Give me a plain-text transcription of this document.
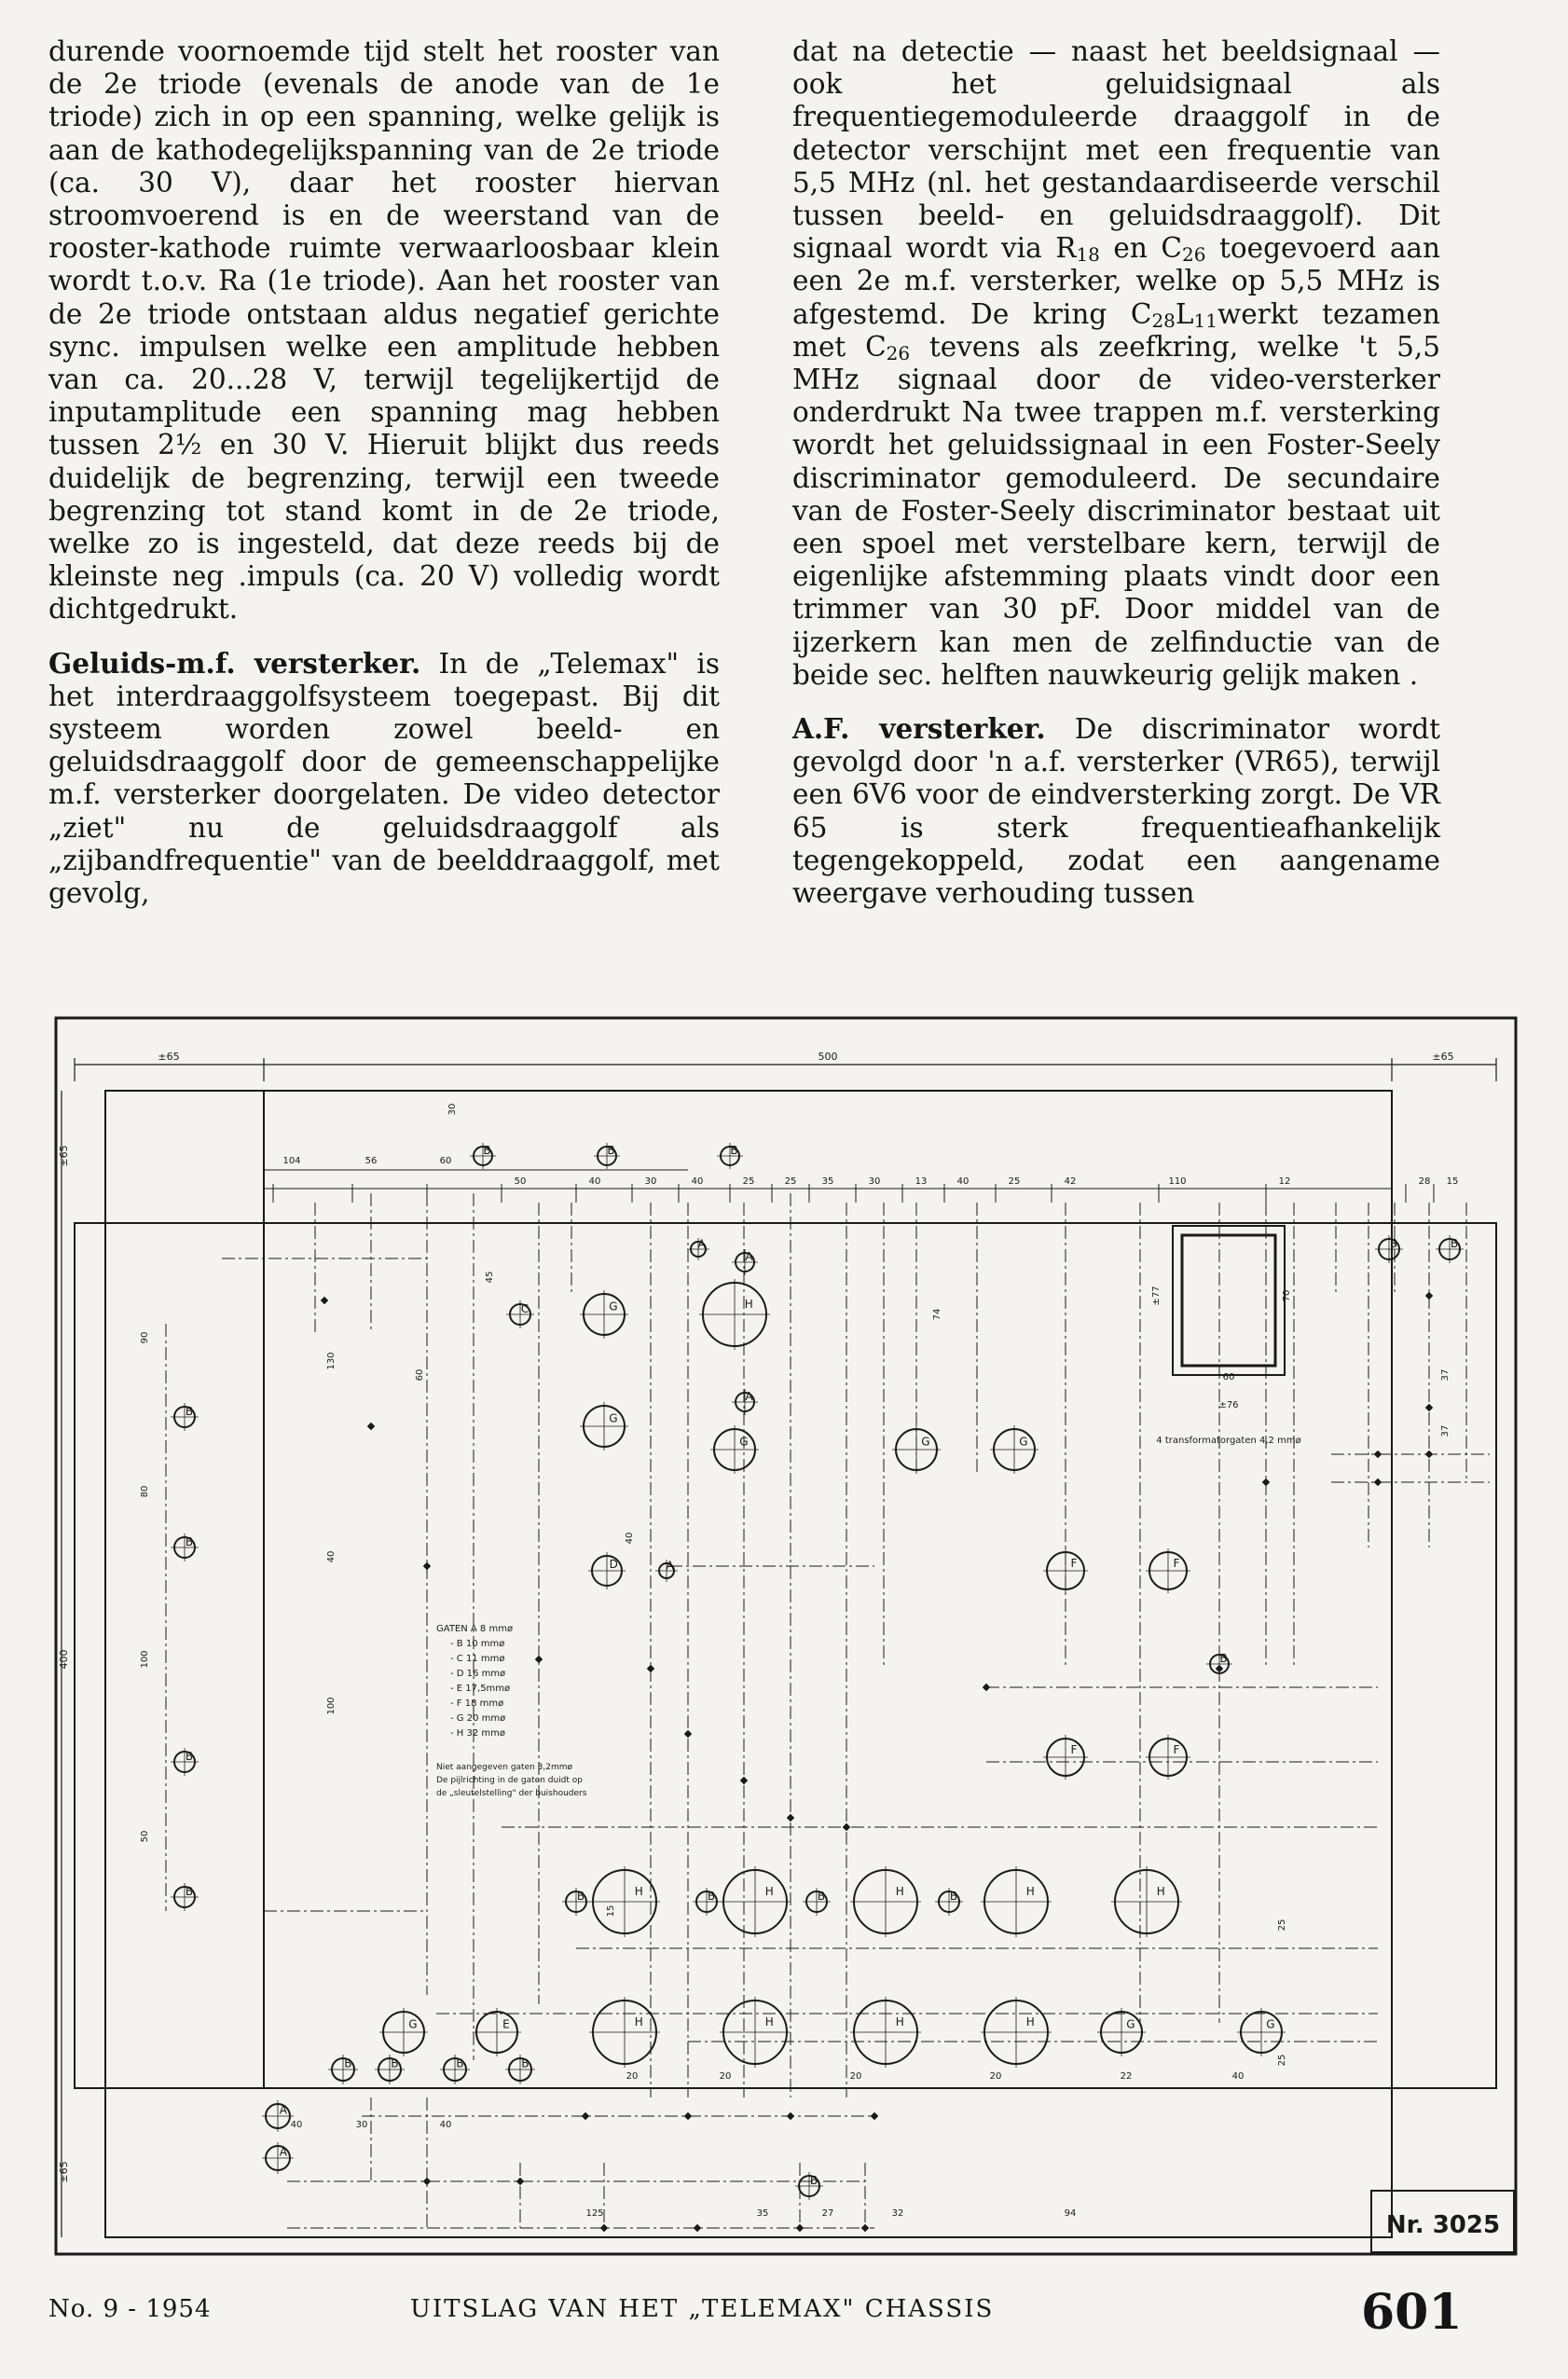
durende voornoemde tijd stelt het rooster van de 2e triode (evenals de anode van de 1e triode) zich in op een spanning, welke gelijk is aan de kathodegelijkspanning van de 2e triode (ca. 30 V), daar het rooster hiervan stroomvoerend is en de weerstand van de rooster-kathode ruimte verwaarloosbaar klein wordt t.o.v. Ra (1e triode). Aan het rooster van de 2e triode ontstaan aldus negatief gerichte sync. impulsen welke een amplitude hebben van ca. 20...28 V, terwijl tegelijkertijd de inputamplitude een spanning mag hebben tussen 2½ en 30 V. Hieruit blijkt dus reeds duidelijk de begrenzing, terwijl een tweede begrenzing tot stand komt in de 2e triode, welke zo is ingesteld, dat deze reeds bij de kleinste neg .impuls (ca. 20 V) volledig wordt dichtgedrukt.

Geluids-m.f. versterker. In de „Telemax" is het interdraaggolfsysteem toegepast. Bij dit systeem worden zowel beeld- en geluidsdraaggolf door de gemeenschappelijke m.f. versterker doorgelaten. De video detector „ziet" nu de geluidsdraaggolf als „zijbandfrequentie" van de beelddraaggolf, met gevolg,

dat na detectie — naast het beeldsignaal — ook het geluidsignaal als frequentiegemoduleerde draaggolf in de detector verschijnt met een frequentie van 5,5 MHz (nl. het gestandaardiseerde verschil tussen beeld- en geluidsdraaggolf). Dit signaal wordt via $R_{18}$ en $C_{26}$ toegevoerd aan een 2e m.f. versterker, welke op 5,5 MHz is afgestemd. De kring $C_{28}L_{11}werkt$ tezamen met $C_{26}$ tevens als zeefkring, welke 't 5,5 MHz signaal door de video-versterker onderdrukt Na twee trappen m.f. versterking wordt het geluidssignaal in een Foster-Seely discriminator gemoduleerd. De secundaire van de Foster-Seely discriminator bestaat uit een spoel met verstelbare kern, terwijl de eigenlijke afstemming plaats vindt door een trimmer van 30 pF. Door middel van de ijzerkern kan men de zelfinductie van de beide sec. helften nauwkeurig gelijk maken .

A.F. versterker. De discriminator wordt gevolgd door 'n a.f. versterker (VR65), terwijl een 6V6 voor de eindversterking zorgt. De VR 65 is sterk frequentieafhankelijk tegengekoppeld, zodat een aangename weergave verhouding tussen

±65	500	±65
±65
400
±65
104	56	60
50	40	30	40	25	25	35	30	13	40	25	42	110	12	28 15
60
±76
±77	70
74
4 transformatorgaten 4,2 mmø
30
90
80
100
50
130
60
40
100
45
40
15
37
37
25
25
40	30	40
125	35	27	32	94
20	20	20	20	22	40
B	B	B
G
G
H
G
A
A
C
A
D	A
G	G
F	F
F	F
B
B
B
B
B
B	B
H	H	H	H	H
H	H	H	H
B	B	B	B
G	E	G	G
B	B	B	B
A
A
B
GATEN A 8 mmø
- B 10 mmø
- C 11 mmø
- D 16 mmø
- E 17,5mmø
- F 18 mmø
- G 20 mmø
- H 32 mmø
Niet aangegeven gaten 3,2mmø
De pijlrichting in de gaten duidt op
de „sleutelstelling" der buishouders
Nr. 3025
No. 9 - 1954	UITSLAG VAN HET „TELEMAX" CHASSIS	601
